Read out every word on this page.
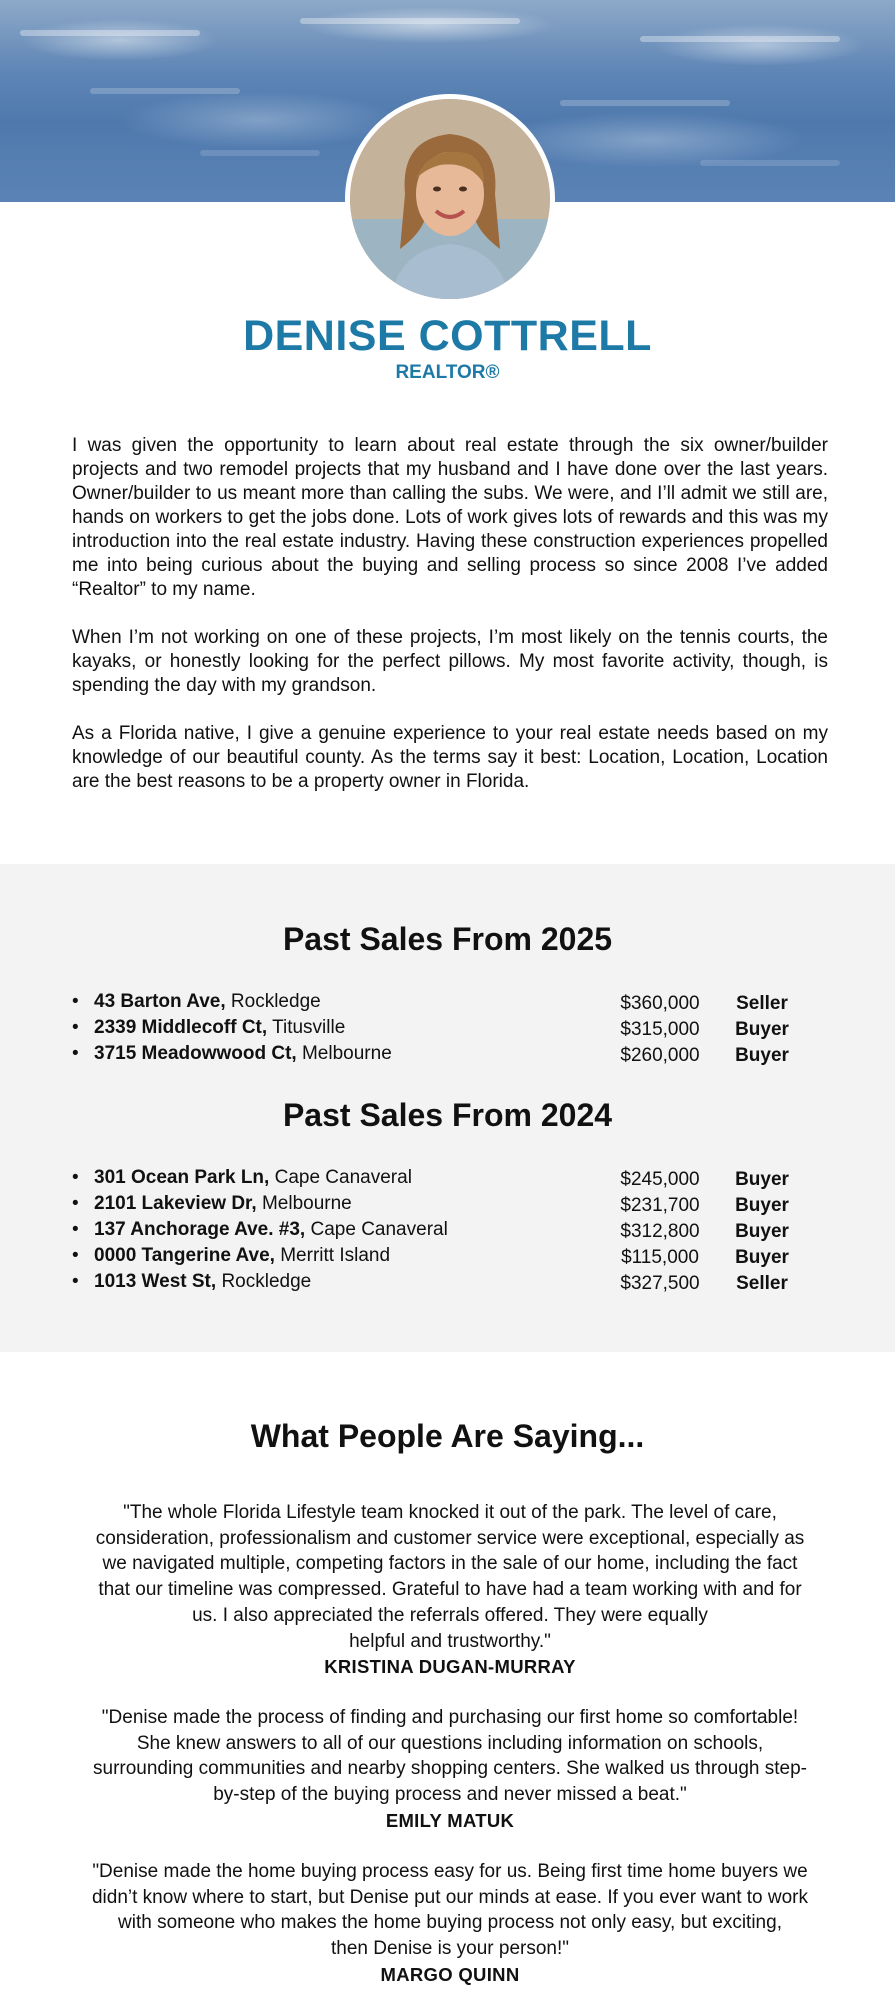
DENISE COTTRELL
REALTOR®

I was given the opportunity to learn about real estate through the six owner/builder projects and two remodel projects that my husband and I have done over the last years. Owner/builder to us meant more than calling the subs. We were, and I’ll admit we still are, hands on workers to get the jobs done. Lots of work gives lots of rewards and this was my introduction into the real estate industry. Having these construction experiences propelled me into being curious about the buying and selling process so since 2008 I’ve added “Realtor” to my name.

When I’m not working on one of these projects, I’m most likely on the tennis courts, the kayaks, or honestly looking for the perfect pillows. My most favorite activity, though, is spending the day with my grandson.

As a Florida native, I give a genuine experience to your real estate needs based on my knowledge of our beautiful county. As the terms say it best: Location, Location, Location are the best reasons to be a property owner in Florida.

Past Sales From 2025
• 43 Barton Ave, Rockledge	$360,000	Seller
• 2339 Middlecoff Ct, Titusville	$315,000	Buyer
• 3715 Meadowwood Ct, Melbourne	$260,000	Buyer
Past Sales From 2024
• 301 Ocean Park Ln, Cape Canaveral	$245,000	Buyer
• 2101 Lakeview Dr, Melbourne	$231,700	Buyer
• 137 Anchorage Ave. #3, Cape Canaveral	$312,800	Buyer
• 0000 Tangerine Ave, Merritt Island	$115,000	Buyer
• 1013 West St, Rockledge	$327,500	Seller
What People Are Saying...
"The whole Florida Lifestyle team knocked it out of the park. The level of care,
consideration, professionalism and customer service were exceptional, especially as
we navigated multiple, competing factors in the sale of our home, including the fact
that our timeline was compressed. Grateful to have had a team working with and for
us. I also appreciated the referrals offered. They were equally
helpful and trustworthy."
KRISTINA DUGAN-MURRAY
"Denise made the process of finding and purchasing our first home so comfortable!
She knew answers to all of our questions including information on schools,
surrounding communities and nearby shopping centers. She walked us through step-
by-step of the buying process and never missed a beat."
EMILY MATUK
"Denise made the home buying process easy for us. Being first time home buyers we
didn’t know where to start, but Denise put our minds at ease. If you ever want to work
with someone who makes the home buying process not only easy, but exciting,
then Denise is your person!"
MARGO QUINN
